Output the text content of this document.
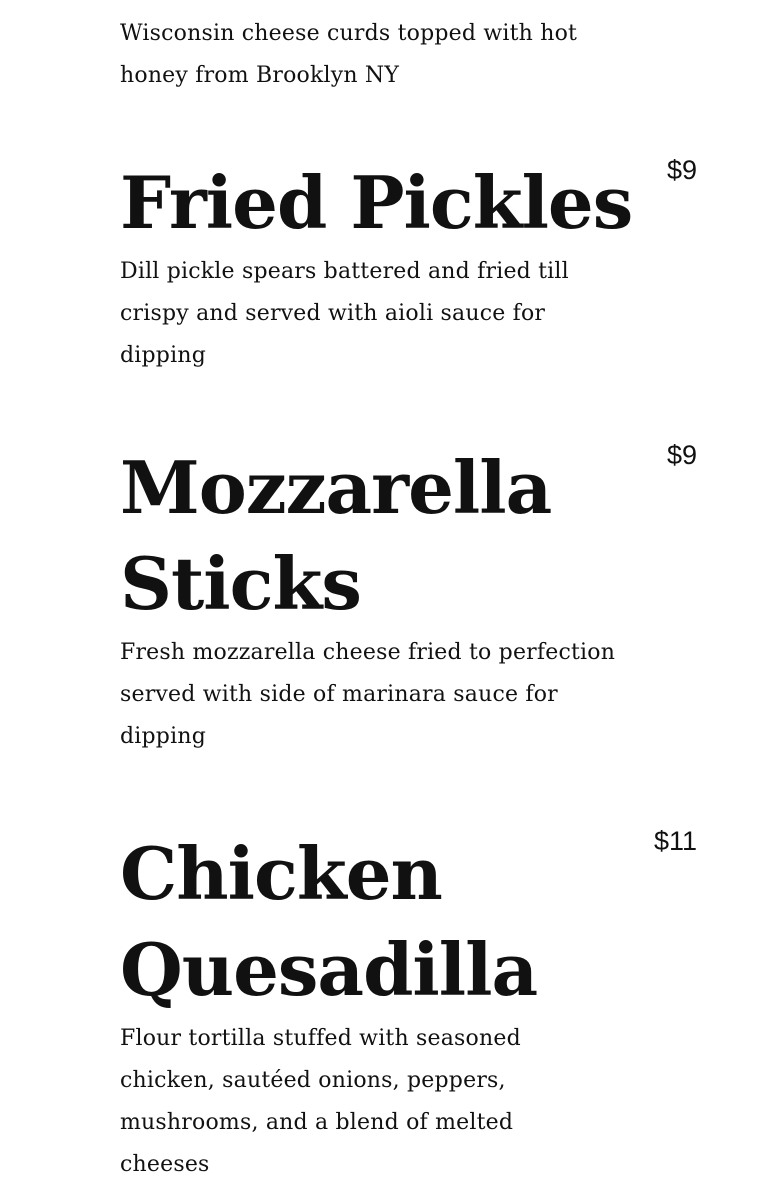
Wisconsin cheese curds topped with hot honey from Brooklyn NY

$9
Fried Pickles

Dill pickle spears battered and fried till crispy and served with aioli sauce for dipping

$9
Mozzarella Sticks

Fresh mozzarella cheese fried to perfection served with side of marinara sauce for dipping

$11
Chicken Quesadilla

Flour tortilla stuffed with seasoned chicken, sautéed onions, peppers, mushrooms, and a blend of melted cheeses
